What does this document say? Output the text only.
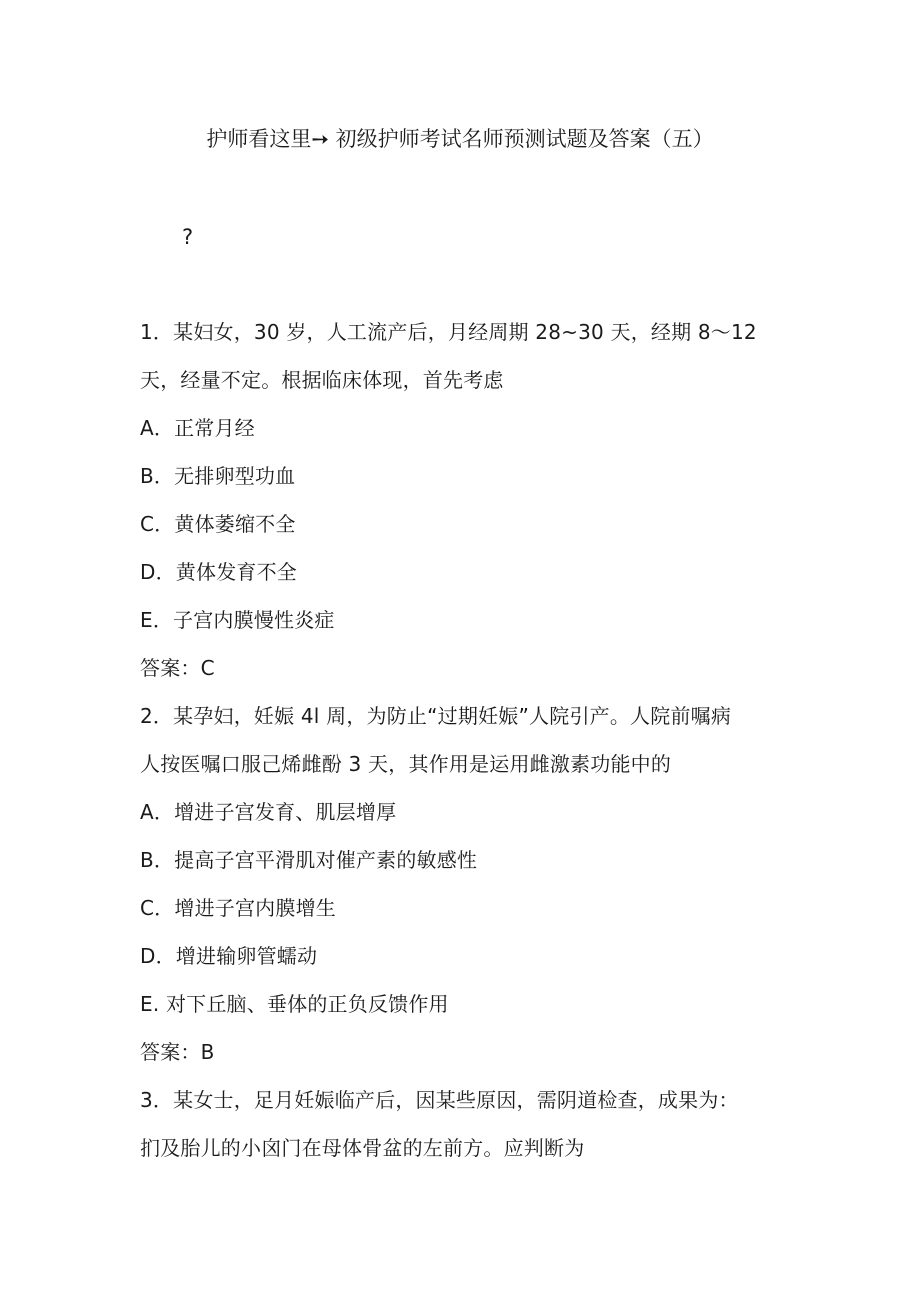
护师看这里➙ 初级护师考试名师预测试题及答案（五）
?
1．某妇女，30 岁，人工流产后，月经周期 28~30 天，经期 8～12
天，经量不定。根据临床体现，首先考虑
A．正常月经
B．无排卵型功血
C．黄体萎缩不全
D．黄体发育不全
E．子宫内膜慢性炎症
答案：C
2．某孕妇，妊娠 4l 周，为防止“过期妊娠”人院引产。人院前嘱病
人按医嘱口服己烯雌酚 3 天，其作用是运用雌激素功能中的
A．增进子宫发育、肌层增厚
B．提高子宫平滑肌对催产素的敏感性
C．增进子宫内膜增生
D．增进输卵管蠕动
E. 对下丘脑、垂体的正负反馈作用
答案：B
3．某女士，足月妊娠临产后，因某些原因，需阴道检查，成果为：
扪及胎儿的小囟门在母体骨盆的左前方。应判断为
